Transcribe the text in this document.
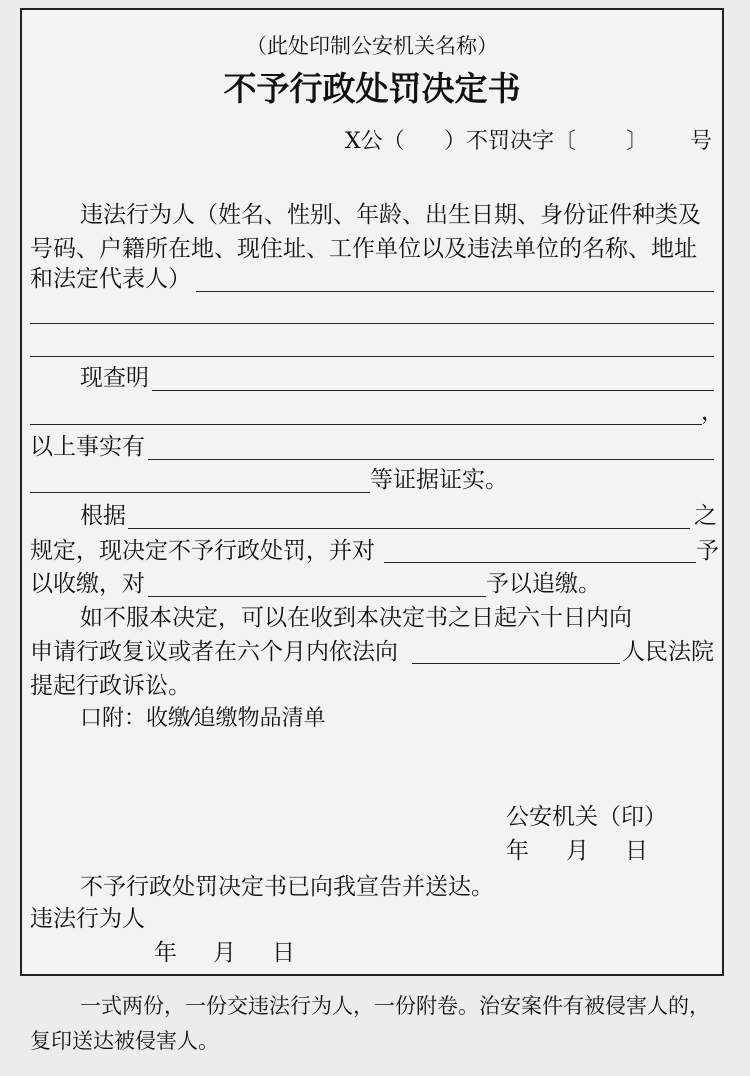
（此处印制公安机关名称）
不予行政处罚决定书
X公（ ）不罚决字〔 〕 号
违法行为人（姓名、性别、年龄、出生日期、身份证件种类及
号码、户籍所在地、现住址、工作单位以及违法单位的名称、地址
和法定代表人）
现查明
，
以上事实有
等证据证实。
根据	之
规定，现决定不予行政处罚，并对	予
以收缴，对	予以追缴。
如不服本决定，可以在收到本决定书之日起六十日内向
申请行政复议或者在六个月内依法向	人民法院
提起行政诉讼。
口附：收缴⁄追缴物品清单
公安机关（印）
年 月 日
不予行政处罚决定书已向我宣告并送达。
违法行为人
年 月 日
一式两份，一份交违法行为人，一份附卷。治安案件有被侵害人的，
复印送达被侵害人。
